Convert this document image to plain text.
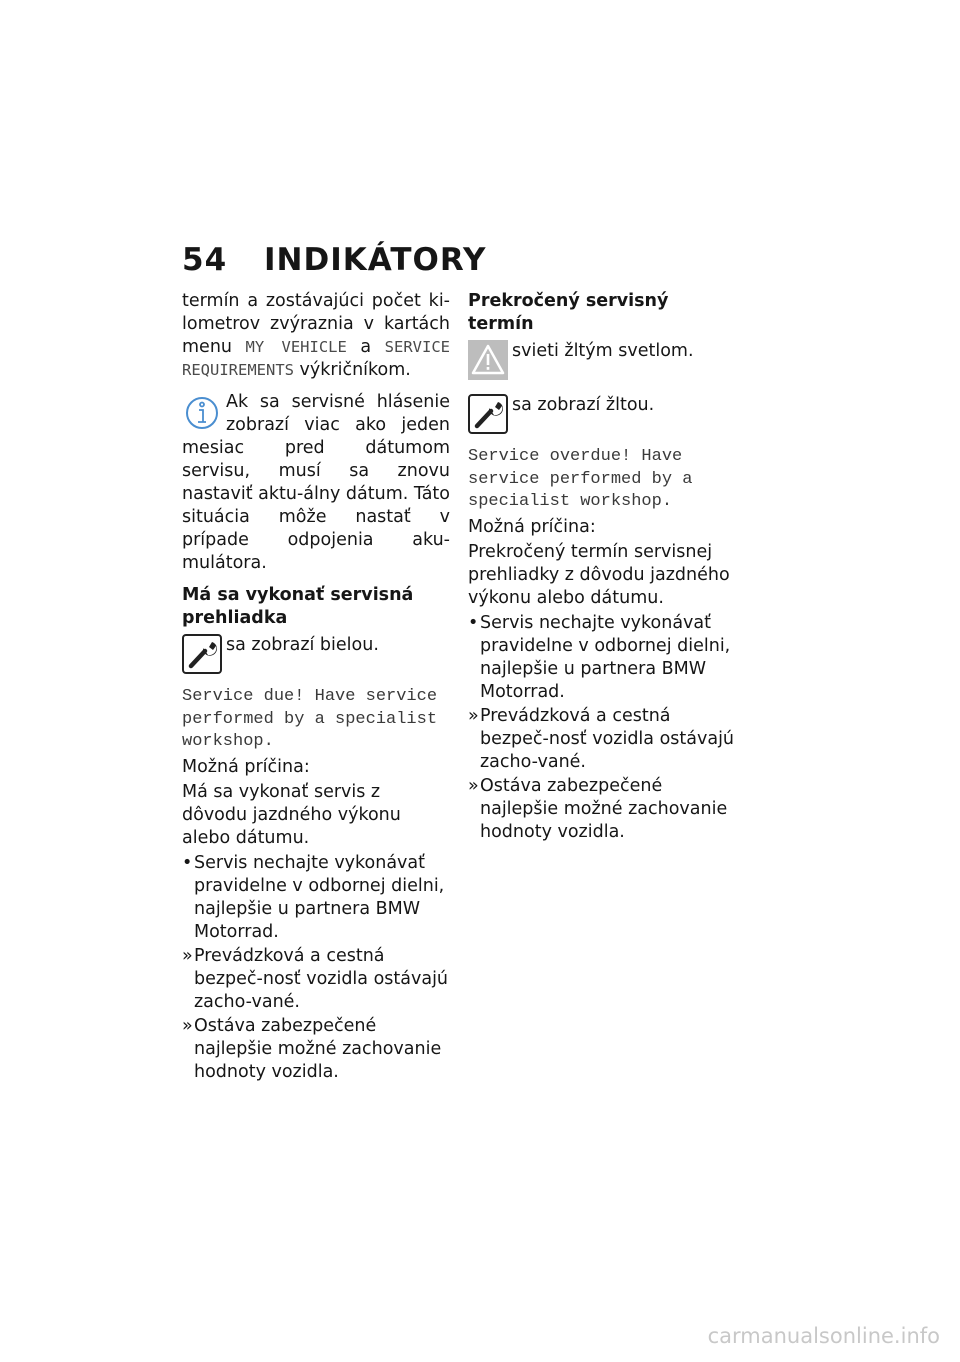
54 INDIKÁTORY

termín a zostávajúci počet ki-lometrov zvýraznia v kartách menu MY VEHICLE a SERVICE REQUIREMENTS výkričníkom.

Ak sa servisné hlásenie zobrazí viac ako jeden mesiac pred dátumom servisu, musí sa znovu nastaviť aktu-álny dátum. Táto situácia môže nastať v prípade odpojenia aku-mulátora.

Má sa vykonať servisná prehliadka
sa zobrazí bielou.

Service due! Have service performed by a specialist workshop.

Možná príčina:

Má sa vykonať servis z dôvodu jazdného výkonu alebo dátumu.

• Servis nechajte vykonávať pravidelne v odbornej dielni, najlepšie u partnera BMW Motorrad.
» Prevádzková a cestná bezpeč-nosť vozidla ostávajú zacho-vané.
» Ostáva zabezpečené najlepšie možné zachovanie hodnoty vozidla.
Prekročený servisný termín
svieti žltým svetlom.
sa zobrazí žltou.

Service overdue! Have service performed by a specialist workshop.

Možná príčina:

Prekročený termín servisnej prehliadky z dôvodu jazdného výkonu alebo dátumu.

• Servis nechajte vykonávať pravidelne v odbornej dielni, najlepšie u partnera BMW Motorrad.
» Prevádzková a cestná bezpeč-nosť vozidla ostávajú zacho-vané.
» Ostáva zabezpečené najlepšie možné zachovanie hodnoty vozidla.
carmanualsonline.info
